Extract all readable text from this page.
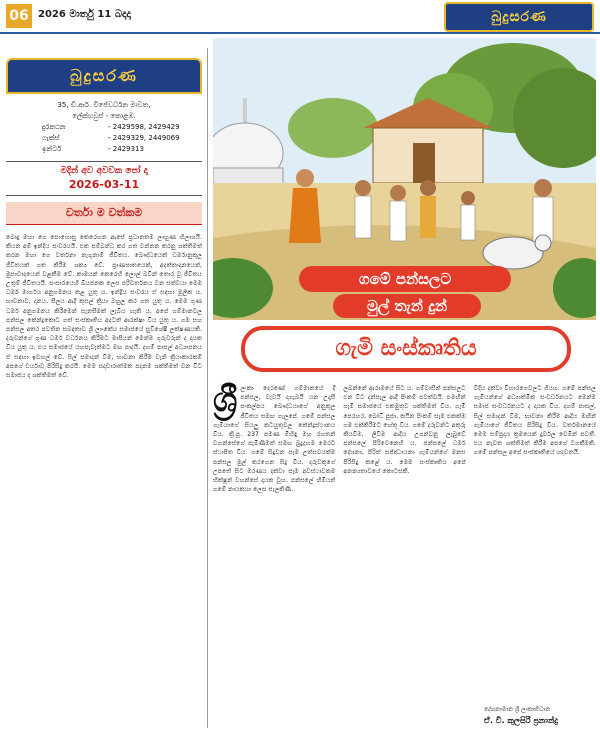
06 2026 මාර්තු 11 බදාදා	බුදුසරණ
බුදුසරණ
35, ඩී.ආර්. විජේවර්ධන මාවත,
ලේක්හවුස් - කොළඹ.
දුරකථන	- 2429598, 2429429
ෆැක්ස්	- 2429329, 2449069
ඉන්ටර්	- 2429313
මදින් අව අවවක පෝ දා
2026-03-11
වර්තා ම වත්කම
බොදු මහා ගෙ පොහොසු කෙරෙහන ආසේ ප්‍රධානතම ලාහුණ හිලාශයි. කියන අම් ඉන්දිය සංවරයයි. එක සම්බන්ධ කර ගත වන්නන කරනු ශක්තිමත් කරන මහා ගෙ වර්තනා නැගුනාම් ජීවිතය. බෞද්ධයෙක් ධර්මානුකූල ජීවිතයක් ගත කිරීම ශක්‍ය වේ. ප්‍රාණඝාතයෙන්, අදත්තාදානයෙන්, මුසාවාදයෙන් වළකීම වේ. කාමයන් කෙරෙහි ලොල් බවින් තොර වූ ජීවිතය උතුම් ජීවිතයයි. සංසාරයෙහි බියජනක ලෙස පරිවර්තනය වන සත්වයා මෙම ධර්ම මාර්ගය අනුගමනය කළ යුතු ය. ඉන්ද්‍රිය සංවරය ඒ සඳහා මූලික ය. භාවනාව, දානය, සීලය ආදී කුසල් ක්‍රියා බහුල කර ගත යුතු ය. මෙම ගුණ ධර්ම අනුගමනය කිරීමෙන් සැනසීමක් ලැබිය හැකි ය. අපේ ගම්මානවල පන්සල කේන්ද්‍රකොට ගත් සංස්කෘතිය අදටත් ආරක්ෂා විය යුතු ය. ගම සහ පන්සල අතර පවතින සබඳතාව ශ්‍රී ලාංකේය සමාජයේ සුවිශේෂී ලක්ෂණයකි. දරුවන්ගේ ගුණ ධර්ම වර්ධනය කිරීමට මාපියන් මෙන්ම ගුරුවරුන් ද දායක විය යුතු ය. එය සමාජයේ යහපැවැත්මට මඟ පාදයි. දහම් පාසල් අධ්‍යාපනය ඒ සඳහා ඉවහල් වේ. සිල් සමාදන් වීම, භාවනා කිරීම වැනි ක්‍රියාකාරකම් අපගේ චර්යාව පිරිසිදු කරයි. මෙම සදාචාරාත්මක පදනම ශක්තිමත් වන විට සමාජය ද ශක්තිමත් වේ.
ගමේ පන්සලට
මුල් තැන් දුන්
ගැමි සංස්කෘතිය
ශ්‍රී ලංකා දෙරණේ ගම්මානයේ දී පන්සල, වැවයි දාගැබයි යන උදෑසී සංකල්පය බෞද්ධයාගේ අනුකූල ජීවිතය සමඟ ගැලපේ. ගමේ පන්සල ගැමියාගේ සියලු කටයුතුවල කේන්ද්‍රස්ථානය විය. ක්‍රි.පූ. 237 පමණ මිහිඳු මහ රහතන් වහන්සේගේ පැමිණීමත් සමඟ බුදුදහම මෙරට ස්ථාපිත විය. ගමේ සිදුවන සෑම උත්සවයක්ම පන්සල මුල් කරගෙන සිදු විය. දරුවකුගේ උපතේ සිට මරණය දක්වා සෑම අවස්ථාවකම භික්ෂූන් වහන්සේ දායක වූහ. පන්සලේ හිමියන් ගමේ නායකයා ලෙස සැලකිණි.
ලබන්නේ ආරාමයේ සිට ය. ගම්වාසීන් පන්සලට එන විට දන්සැල ආදී පිංකම් පවත්වයි. එමඟින් ගැමි සමාජයේ එකමුතුව ශක්තිමත් විය. ගැමි පෙරහර, බෝධි පූජා, කඨින පිංකම් සෑම එකක්ම ගම එක්කිරීමට හේතු විය. ගමේ දරුවන්ට අකුරු කියවීම, ලිවීම ආදිය උගන්වනු ලැබුවේ පන්සලේ පිරිවෙනෙහි ය. පන්සලේ ධර්ම දේශනා, පිරිත් සජ්ඣායනා ගැමියන්ගේ මනස පිරිසිදු කළේ ය. මෙම සංස්කෘතිය අපේ අනන්‍යතාවයේ කොටසකි.
වීදිය දක්වා විහාරගෙවලට ගියහ. ගමේ පන්සල ගැමියන්ගේ අධ්‍යාත්මික සංවර්ධනයට මෙන්ම සමාජ සංවර්ධනයට ද දායක විය. දහම් පාසල්, සිල් සමාදන් වීම, භාවනා කිරීම ආදිය මඟින් ගැමියාගේ ජීවිතය පිරිසිදු විය. වර්තමානයේ මෙම සම්ප්‍රදාය ක්‍රමයෙන් දුර්වල වෙමින් පවතී. එය නැවත ශක්තිමත් කිරීම අපගේ වගකීමකි. ගමේ පන්සල අපේ සංස්කෘතියේ හදවතයි.
දේශනාමාන ශ්‍රී ලංකාභිධාන
ඒ. වී. කුලසිරි ප්‍රනාන්දු
